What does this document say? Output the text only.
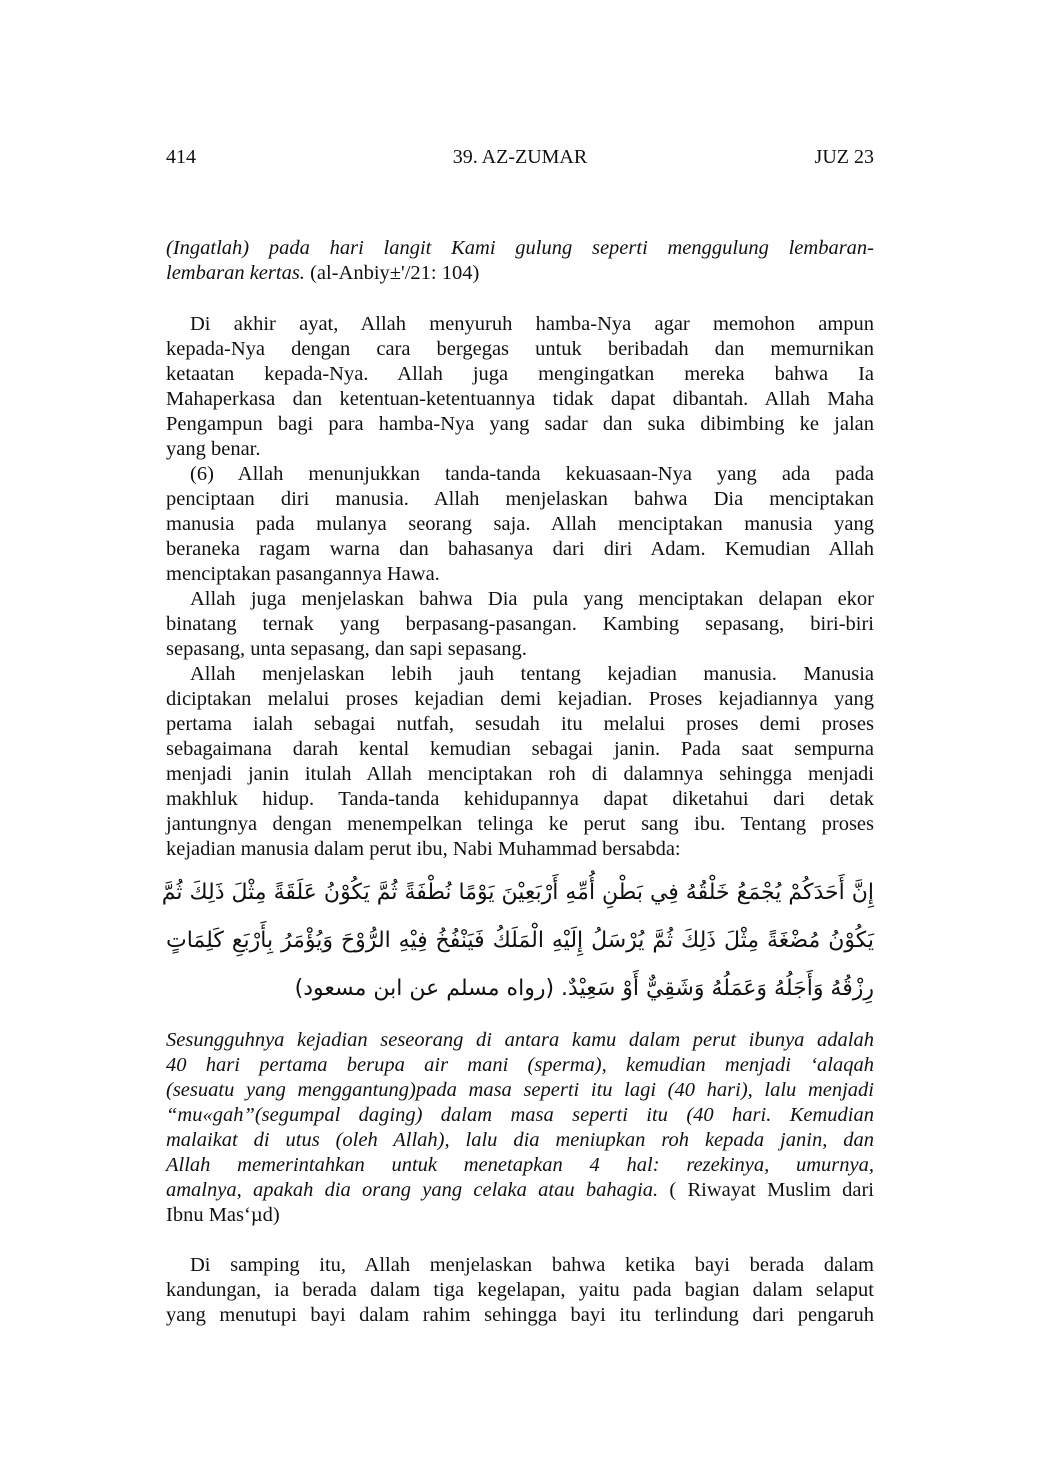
414	39. AZ-ZUMAR	JUZ 23
(Ingatlah) pada hari langit Kami gulung seperti menggulung lembaran-
lembaran kertas. (al-Anbiy±'/21: 104)
Di akhir ayat, Allah menyuruh hamba-Nya agar memohon ampun
kepada-Nya dengan cara bergegas untuk beribadah dan memurnikan
ketaatan kepada-Nya. Allah juga mengingatkan mereka bahwa Ia
Mahaperkasa dan ketentuan-ketentuannya tidak dapat dibantah. Allah Maha
Pengampun bagi para hamba-Nya yang sadar dan suka dibimbing ke jalan
yang benar.
(6) Allah menunjukkan tanda-tanda kekuasaan-Nya yang ada pada
penciptaan diri manusia. Allah menjelaskan bahwa Dia menciptakan
manusia pada mulanya seorang saja. Allah menciptakan manusia yang
beraneka ragam warna dan bahasanya dari diri Adam. Kemudian Allah
menciptakan pasangannya Hawa.
Allah juga menjelaskan bahwa Dia pula yang menciptakan delapan ekor
binatang ternak yang berpasang-pasangan. Kambing sepasang, biri-biri
sepasang, unta sepasang, dan sapi sepasang.
Allah menjelaskan lebih jauh tentang kejadian manusia. Manusia
diciptakan melalui proses kejadian demi kejadian. Proses kejadiannya yang
pertama ialah sebagai nutfah, sesudah itu melalui proses demi proses
sebagaimana darah kental kemudian sebagai janin. Pada saat sempurna
menjadi janin itulah Allah menciptakan roh di dalamnya sehingga menjadi
makhluk hidup. Tanda-tanda kehidupannya dapat diketahui dari detak
jantungnya dengan menempelkan telinga ke perut sang ibu. Tentang proses
kejadian manusia dalam perut ibu, Nabi Muhammad bersabda:
إِنَّ أَحَدَكُمْ يُجْمَعُ خَلْقُهُ فِي بَطْنِ أُمِّهِ أَرْبَعِيْنَ يَوْمًا نُطْفَةً ثُمَّ يَكُوْنُ عَلَقَةً مِثْلَ ذَلِكَ ثُمَّ
يَكُوْنُ مُضْغَةً مِثْلَ ذَلِكَ ثُمَّ يُرْسَلُ إِلَيْهِ الْمَلَكُ فَيَنْفُخُ فِيْهِ الرُّوْحَ وَيُؤْمَرُ بِأَرْبَعِ كَلِمَاتٍ
رِزْقُهُ وَأَجَلُهُ وَعَمَلُهُ وَشَقِيٌّ أَوْ سَعِيْدٌ. (رواه مسلم عن ابن مسعود)
Sesungguhnya kejadian seseorang di antara kamu dalam perut ibunya adalah
40 hari pertama berupa air mani (sperma), kemudian menjadi ‘alaqah
(sesuatu yang menggantung)pada masa seperti itu lagi (40 hari), lalu menjadi
“mu«gah”(segumpal daging) dalam masa seperti itu (40 hari. Kemudian
malaikat di utus (oleh Allah), lalu dia meniupkan roh kepada janin, dan
Allah memerintahkan untuk menetapkan 4 hal: rezekinya, umurnya,
amalnya, apakah dia orang yang celaka atau bahagia. ( Riwayat Muslim dari
Ibnu Mas‘µd)
Di samping itu, Allah menjelaskan bahwa ketika bayi berada dalam
kandungan, ia berada dalam tiga kegelapan, yaitu pada bagian dalam selaput
yang menutupi bayi dalam rahim sehingga bayi itu terlindung dari pengaruh
